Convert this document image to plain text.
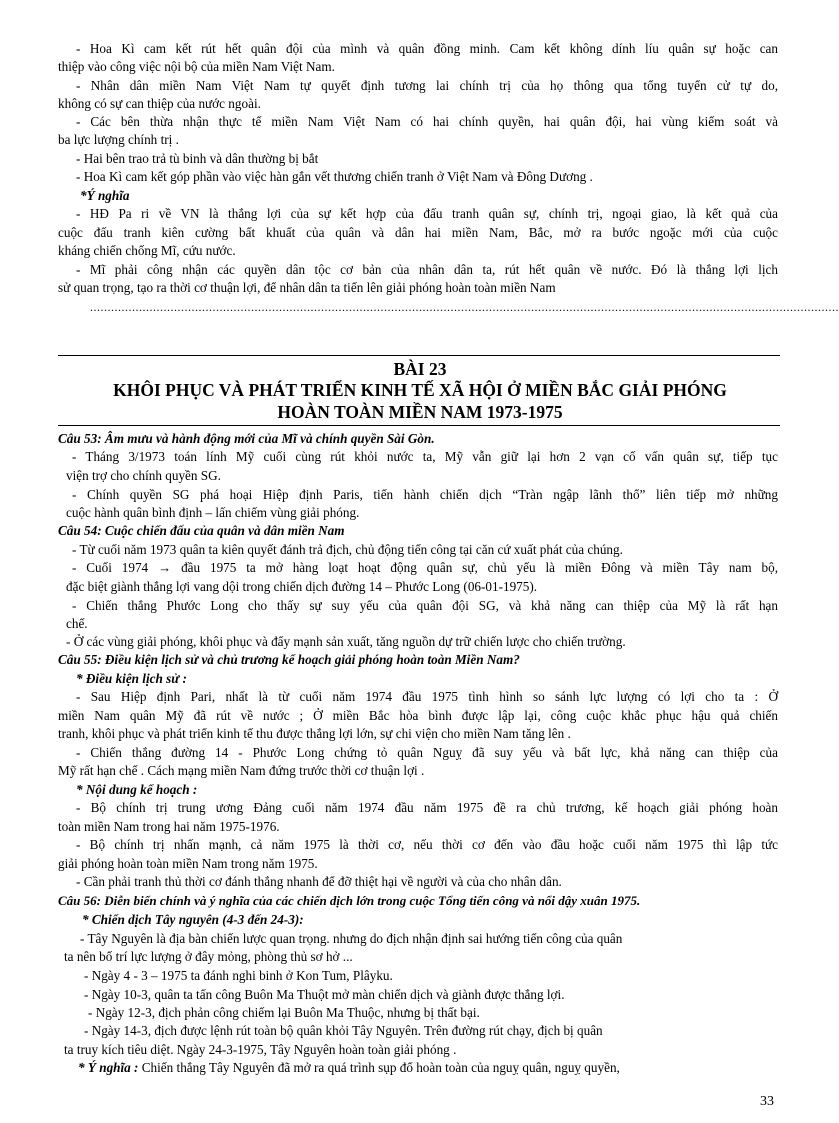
- Hoa Kì cam kết rút hết quân đội của mình và quân đồng minh. Cam kết không dính líu quân sự hoặc can
thiệp vào công việc nội bộ của miền Nam Việt Nam.
- Nhân dân miền Nam Việt Nam tự quyết định tương lai chính trị của họ thông qua tổng tuyển cử tự do,
không có sự can thiệp của nước ngoài.
- Các bên thừa nhận thực tế miền Nam Việt Nam có hai chính quyền, hai quân đội, hai vùng kiểm soát và
ba lực lượng chính trị .
- Hai bên trao trả tù binh và dân thường bị bắt
- Hoa Kì cam kết góp phần vào việc hàn gắn vết thương chiến tranh ở Việt Nam và Đông Dương .
*Ý nghĩa
- HĐ Pa ri về VN là thắng lợi của sự kết hợp của đấu tranh quân sự, chính trị, ngoại giao, là kết quả của
cuộc đấu tranh kiên cường bất khuất của quân và dân hai miền Nam, Bắc, mở ra bước ngoặc mới của cuộc
kháng chiến chống Mĩ, cứu nước.
- Mĩ phải công nhận các quyền dân tộc cơ bản của nhân dân ta, rút hết quân về nước. Đó là thắng lợi lịch
sử quan trọng, tạo ra thời cơ thuận lợi, để nhân dân ta tiến lên giải phóng hoàn toàn miền Nam
......................................................................................................................................................................................................................
BÀI 23
KHÔI PHỤC VÀ PHÁT TRIỂN KINH TẾ XÃ HỘI Ở MIỀN BẮC GIẢI PHÓNG
HOÀN TOÀN MIỀN NAM 1973-1975
Câu 53: Âm mưu và hành động mới của Mĩ và chính quyền Sài Gòn.
- Tháng 3/1973 toán lính Mỹ cuối cùng rút khỏi nước ta, Mỹ vẫn giữ lại hơn 2 vạn cố vấn quân sự, tiếp tục
viện trợ cho chính quyền SG.
- Chính quyền SG phá hoại Hiệp định Paris, tiến hành chiến dịch “Tràn ngập lãnh thổ” liên tiếp mở những
cuộc hành quân bình định – lấn chiếm vùng giải phóng.
Câu 54: Cuộc chiến đấu của quân và dân miền Nam
- Từ cuối năm 1973 quân ta kiên quyết đánh trả địch, chủ động tiến công tại căn cứ xuất phát của chúng.
- Cuối 1974 → đầu 1975 ta mở hàng loạt hoạt động quân sự, chủ yếu là miền Đông và miền Tây nam bộ,
đặc biệt giành thắng lợi vang dội trong chiến dịch đường 14 – Phước Long (06-01-1975).
- Chiến thắng Phước Long cho thấy sự suy yếu của quân đội SG, và khả năng can thiệp của Mỹ là rất hạn
chế.
- Ở các vùng giải phóng, khôi phục và đẩy mạnh sản xuất, tăng nguồn dự trữ chiến lược cho chiến trường.
Câu 55: Điều kiện lịch sử và chủ trương kế hoạch giải phóng hoàn toàn Miền Nam?
* Điều kiện lịch sử :
- Sau Hiệp định Pari, nhất là từ cuối năm 1974 đầu 1975 tình hình so sánh lực lượng có lợi cho ta : Ở
miền Nam quân Mỹ đã rút về nước ; Ở miền Bắc hòa bình được lập lại, công cuộc khắc phục hậu quả chiến
tranh, khôi phục và phát triển kinh tế thu được thắng lợi lớn, sự chi viện cho miền Nam tăng lên .
- Chiến thắng đường 14 - Phước Long chứng tỏ quân Nguỵ đã suy yếu và bất lực, khả năng can thiệp của
Mỹ rất hạn chế . Cách mạng miền Nam đứng trước thời cơ thuận lợi .
* Nội dung kế hoạch :
- Bộ chính trị trung ương Đảng cuối năm 1974 đầu năm 1975 đề ra chủ trương, kế hoạch giải phóng hoàn
toàn miền Nam trong hai năm 1975-1976.
- Bộ chính trị nhấn mạnh, cả năm 1975 là thời cơ, nếu thời cơ đến vào đầu hoặc cuối năm 1975 thì lập tức
giải phóng hoàn toàn miền Nam trong năm 1975.
- Cần phải tranh thủ thời cơ đánh thắng nhanh để đỡ thiệt hại về người và của cho nhân dân.
Câu 56: Diễn biến chính và ý nghĩa của các chiến dịch lớn trong cuộc Tổng tiến công và nổi dậy xuân 1975.
* Chiến dịch Tây nguyên (4-3 đến 24-3):
- Tây Nguyên là địa bàn chiến lược quan trọng. nhưng do địch nhận định sai hướng tiến công của quân
ta nên bố trí lực lượng ở đây mỏng, phòng thủ sơ hở ...
- Ngày 4 - 3 – 1975 ta đánh nghi binh ở Kon Tum, Plâyku.
- Ngày 10-3, quân ta tấn công Buôn Ma Thuột mở màn chiến dịch và giành được thắng lợi.
- Ngày 12-3, địch phản công chiếm lại Buôn Ma Thuộc, nhưng bị thất bại.
- Ngày 14-3, địch được lệnh rút toàn bộ quân khỏi Tây Nguyên. Trên đường rút chạy, địch bị quân
ta truy kích tiêu diệt. Ngày 24-3-1975, Tây Nguyên hoàn toàn giải phóng .
* Ý nghĩa : Chiến thắng Tây Nguyên đã mở ra quá trình sụp đổ hoàn toàn của nguỵ quân, nguỵ quyền,
33
